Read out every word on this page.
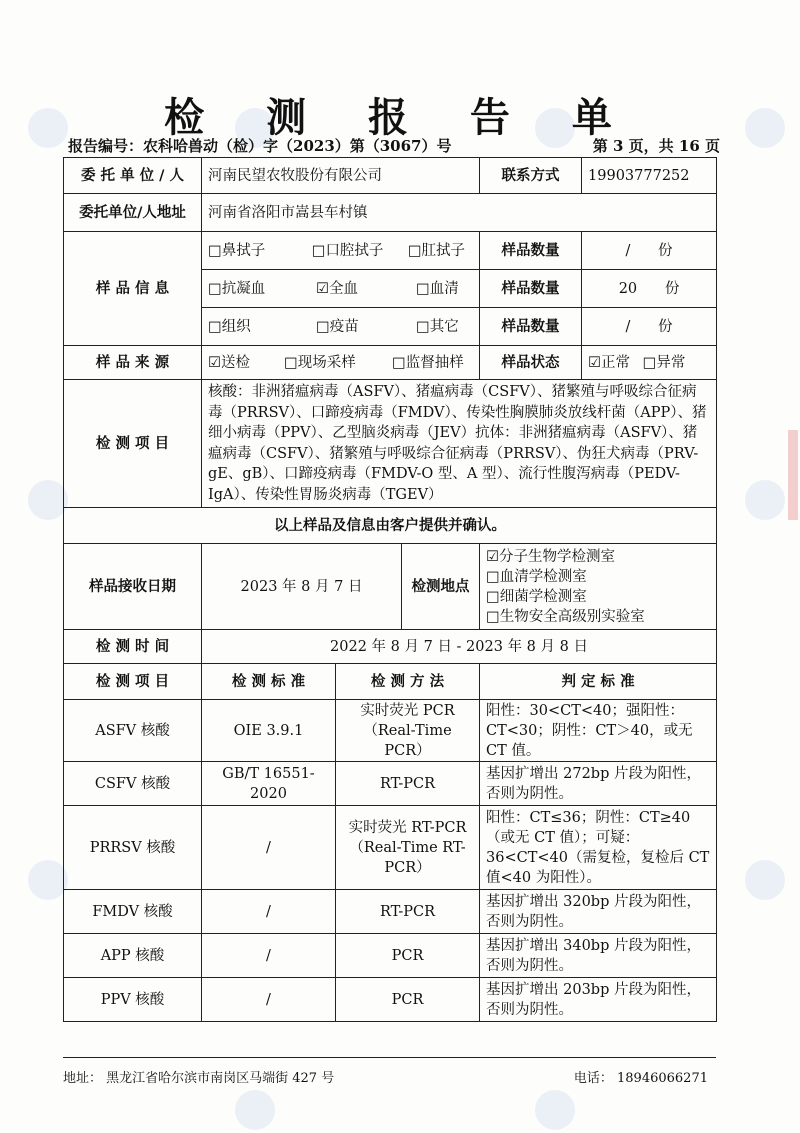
检 测 报 告 单
报告编号：农科哈兽动（检）字（2023）第（3067）号	第 3 页，共 16 页
委 托 单 位 / 人	河南民望农牧股份有限公司			联系方式	19903777252
委托单位/人地址	河南省洛阳市嵩县车村镇				
样 品 信 息	□鼻拭子 □口腔拭子 □肛拭子			样品数量	/ 份

	□抗凝血 ☑全血 □血清			样品数量	20 份

	□组织 □疫苗 □其它			样品数量	/ 份
样 品 来 源	☑送检 □现场采样 □监督抽样			样品状态	☑正常 □异常
检 测 项 目	核酸：非洲猪瘟病毒（ASFV）、猪瘟病毒（CSFV）、猪繁殖与呼吸综合征病毒（PRRSV）、口蹄疫病毒（FMDV）、传染性胸膜肺炎放线杆菌（APP）、猪细小病毒（PPV）、乙型脑炎病毒（JEV）抗体：非洲猪瘟病毒（ASFV）、猪瘟病毒（CSFV）、猪繁殖与呼吸综合征病毒（PRRSV）、伪狂犬病毒（PRV-gE、gB）、口蹄疫病毒（FMDV-O 型、A 型）、流行性腹泻病毒（PEDV-IgA）、传染性胃肠炎病毒（TGEV）				
以上样品及信息由客户提供并确认。					
样品接收日期	2023 年 8 月 7 日		检测地点	☑分子生物学检测室
□血清学检测室
□细菌学检测室
□生物安全高级别实验室	

检 测 时 间	2022 年 8 月 7 日 - 2023 年 8 月 8 日				
检 测 项 目	检 测 标 准	检 测 方 法		判 定 标 准	
ASFV 核酸	OIE 3.9.1	实时荧光 PCR（Real-Time PCR）		阳性：30<CT<40；强阳性：CT<30；阴性：CT＞40，或无 CT 值。	
CSFV 核酸	GB/T 16551-2020	RT-PCR		基因扩增出 272bp 片段为阳性，否则为阴性。	
PRRSV 核酸	/	实时荧光 RT-PCR（Real-Time RT-PCR）		阳性：CT≤36；阴性：CT≥40（或无 CT 值）；可疑：36<CT<40（需复检，复检后 CT 值<40 为阳性）。	
FMDV 核酸	/	RT-PCR		基因扩增出 320bp 片段为阳性，否则为阴性。	
APP 核酸	/	PCR		基因扩增出 340bp 片段为阳性，否则为阴性。	
PPV 核酸	/	PCR		基因扩增出 203bp 片段为阳性，否则为阴性。	
地址： 黑龙江省哈尔滨市南岗区马端街 427 号	电话： 18946066271
